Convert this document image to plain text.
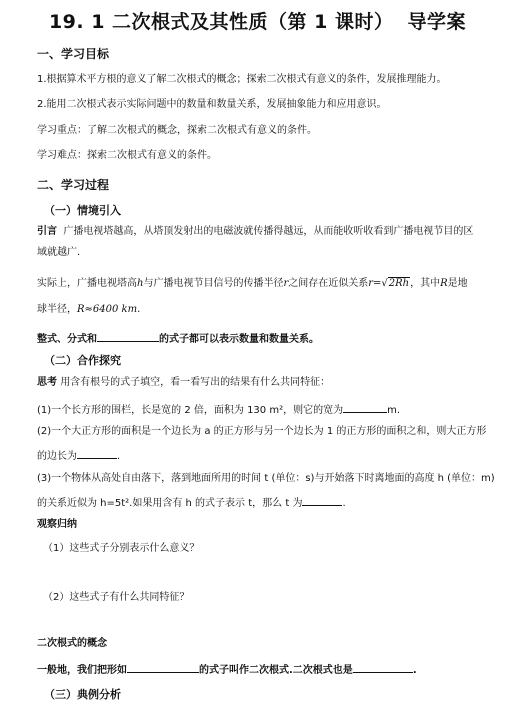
19. 1 二次根式及其性质（第 1 课时） 导学案
一、学习目标
1.根据算术平方根的意义了解二次根式的概念；探索二次根式有意义的条件，发展推理能力。
2.能用二次根式表示实际问题中的数量和数量关系，发展抽象能力和应用意识。
学习重点：了解二次根式的概念，探索二次根式有意义的条件。
学习难点：探索二次根式有意义的条件。
二、学习过程
（一）情境引入
引言 广播电视塔越高，从塔顶发射出的电磁波就传播得越远，从而能收听收看到广播电视节目的区
域就越广.
实际上，广播电视塔高h与广播电视节目信号的传播半径r之间存在近似关系r=√2Rh，其中R是地
球半径，R≈6400 km.
整式、分式和	的式子都可以表示数量和数量关系。
（二）合作探究
思考 用含有根号的式子填空，看一看写出的结果有什么共同特征：
(1)一个长方形的围栏，长是宽的 2 倍，面积为 130 m²，则它的宽为	m.
(2)一个大正方形的面积是一个边长为 a 的正方形与另一个边长为 1 的正方形的面积之和，则大正方形
的边长为	.
(3)一个物体从高处自由落下，落到地面所用的时间 t (单位：s)与开始落下时离地面的高度 h (单位：m)
的关系近似为 h=5t².如果用含有 h 的式子表示 t，那么 t 为	.
观察归纳
（1）这些式子分别表示什么意义？
（2）这些式子有什么共同特征？
二次根式的概念
一般地，我们把形如	的式子叫作二次根式.二次根式也是	.
（三）典例分析
